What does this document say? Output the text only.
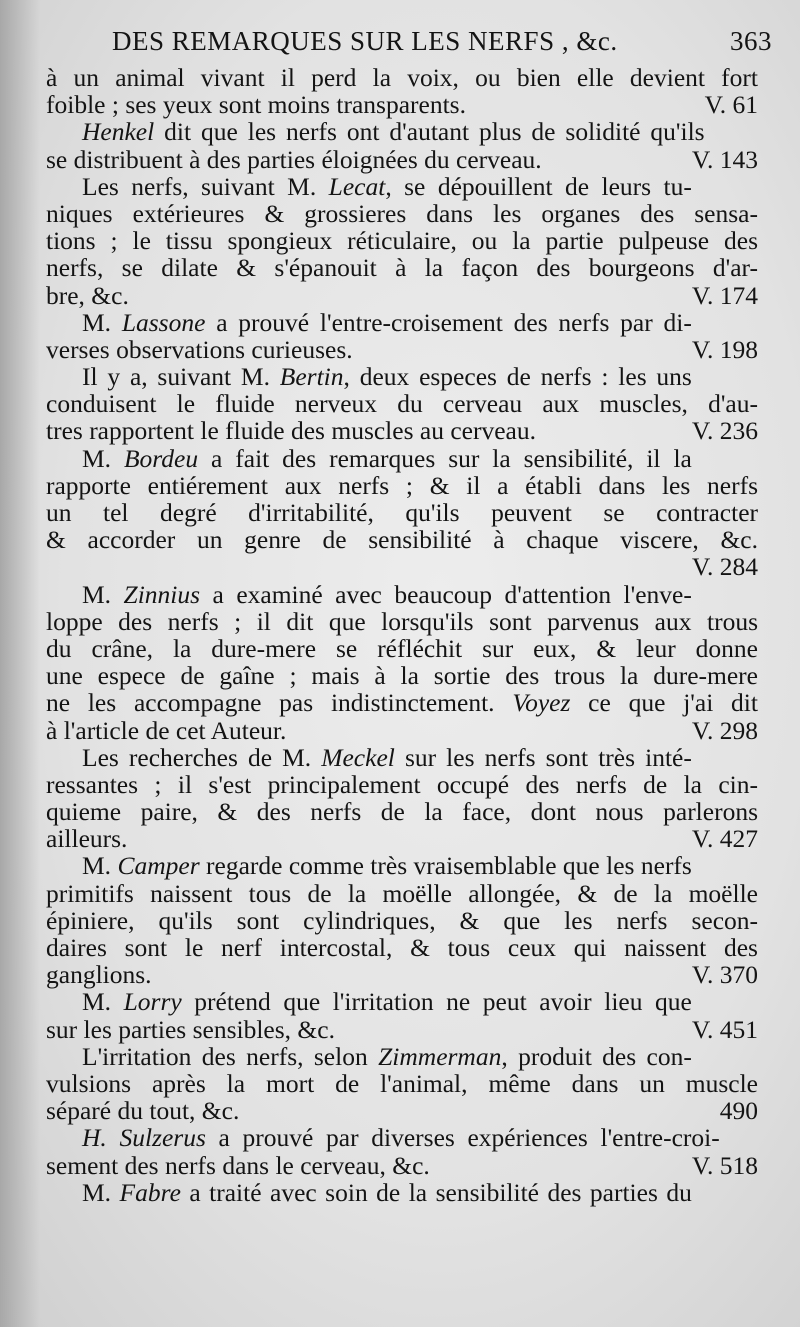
DES REMARQUES SUR LES NERFS , &c.	363
à un animal vivant il perd la voix, ou bien elle devient fort
V. 61
foible ; ses yeux sont moins transparents.
Henkel dit que les nerfs ont d'autant plus de solidité qu'ils
V. 143
se distribuent à des parties éloignées du cerveau.
Les nerfs, suivant M. Lecat, se dépouillent de leurs tu-
niques extérieures & grossieres dans les organes des sensa-
tions ; le tissu spongieux réticulaire, ou la partie pulpeuse des
nerfs, se dilate & s'épanouit à la façon des bourgeons d'ar-
V. 174
bre, &c.
M. Lassone a prouvé l'entre-croisement des nerfs par di-
V. 198
verses observations curieuses.
Il y a, suivant M. Bertin, deux especes de nerfs : les uns
conduisent le fluide nerveux du cerveau aux muscles, d'au-
V. 236
tres rapportent le fluide des muscles au cerveau.
M. Bordeu a fait des remarques sur la sensibilité, il la
rapporte entiérement aux nerfs ; & il a établi dans les nerfs
un tel degré d'irritabilité, qu'ils peuvent se contracter
& accorder un genre de sensibilité à chaque viscere, &c.
V. 284
M. Zinnius a examiné avec beaucoup d'attention l'enve-
loppe des nerfs ; il dit que lorsqu'ils sont parvenus aux trous
du crâne, la dure-mere se réfléchit sur eux, & leur donne
une espece de gaîne ; mais à la sortie des trous la dure-mere
ne les accompagne pas indistinctement. Voyez ce que j'ai dit
V. 298
à l'article de cet Auteur.
Les recherches de M. Meckel sur les nerfs sont très inté-
ressantes ; il s'est principalement occupé des nerfs de la cin-
quieme paire, & des nerfs de la face, dont nous parlerons
V. 427
ailleurs.
M. Camper regarde comme très vraisemblable que les nerfs
primitifs naissent tous de la moëlle allongée, & de la moëlle
épiniere, qu'ils sont cylindriques, & que les nerfs secon-
daires sont le nerf intercostal, & tous ceux qui naissent des
V. 370
ganglions.
M. Lorry prétend que l'irritation ne peut avoir lieu que
V. 451
sur les parties sensibles, &c.
L'irritation des nerfs, selon Zimmerman, produit des con-
vulsions après la mort de l'animal, même dans un muscle
490
séparé du tout, &c.
H. Sulzerus a prouvé par diverses expériences l'entre-croi-
V. 518
sement des nerfs dans le cerveau, &c.
M. Fabre a traité avec soin de la sensibilité des parties du
